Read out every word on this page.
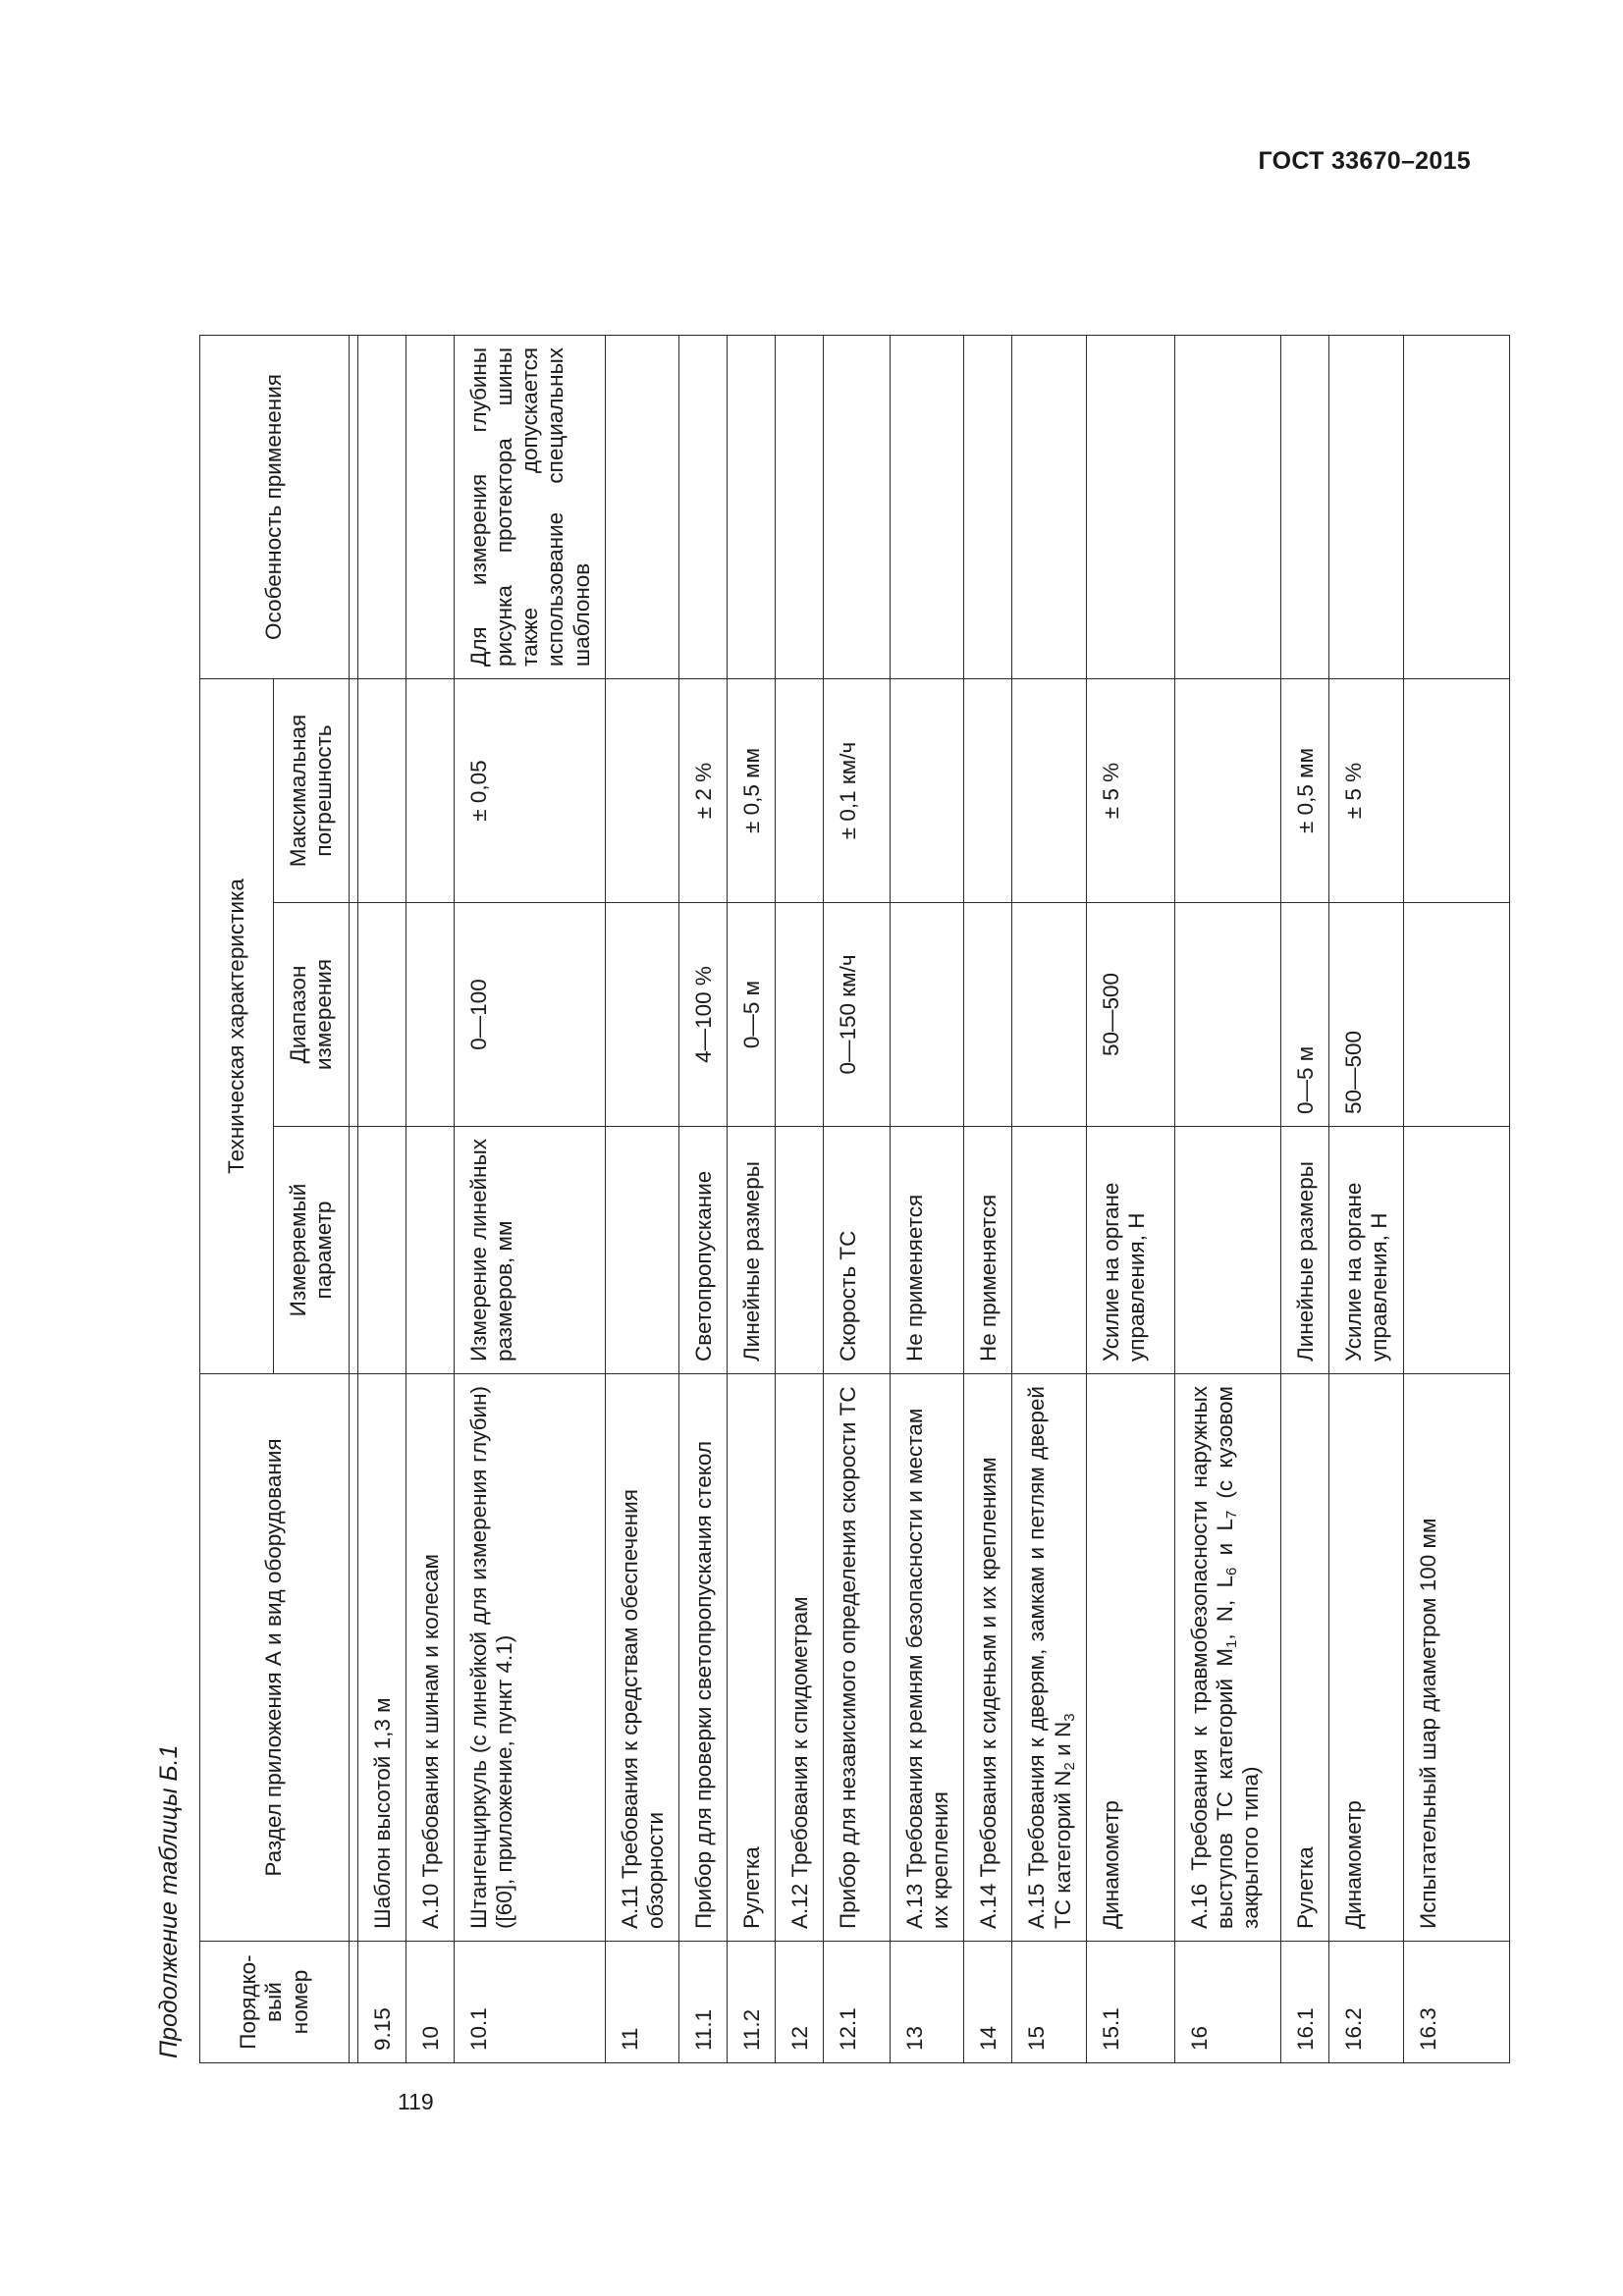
ГОСТ 33670–2015
119
Продолжение таблицы Б.1 Порядко-вый номер	Раздел приложения А и вид оборудования	Техническая характеристика			Особенность применения
		Измеряемый параметр	Диапазон измерения	Максимальная погрешность	

9.15	Шаблон высотой 1,3 м				
10	А.10 Требования к шинам и колесам				
10.1	Штангенциркуль (с линейкой для измерения глубин) ([60], приложение, пункт 4.1)	Измерение линейных размеров, мм	0—100	± 0,05	Для измерения глубины рисунка протектора шины также допускается использование специальных шаблонов
11	А.11 Требования к средствам обеспечения обзорности				
11.1	Прибор для проверки светопропускания стекол	Светопропускание	4—100 %	± 2 %	
11.2	Рулетка	Линейные размеры	0—5 м	± 0,5 мм	
12	А.12 Требования к спидометрам				
12.1	Прибор для независимого определения скорости ТС	Скорость ТС	0—150 км/ч	± 0,1 км/ч	
13	А.13 Требования к ремням безопасности и местам их крепления	Не применяется			
14	А.14 Требования к сиденьям и их креплениям	Не применяется			
15	А.15 Требования к дверям, замкам и петлям дверей ТС категорий $N_2$ и $N_3$				
15.1	Динамометр	Усилие на органе управления, Н	50—500	± 5 %	
16	А.16 Требования к травмобезопасности наружных выступов ТС категорий $М_1$, N, $L_6$ и $L_7$ (с кузовом закрытого типа)				
16.1	Рулетка	Линейные размеры	0—5 м	± 0,5 мм	
16.2	Динамометр	Усилие на органе управления, Н	50—500	± 5 %	
16.3	Испытательный шар диаметром 100 мм				
